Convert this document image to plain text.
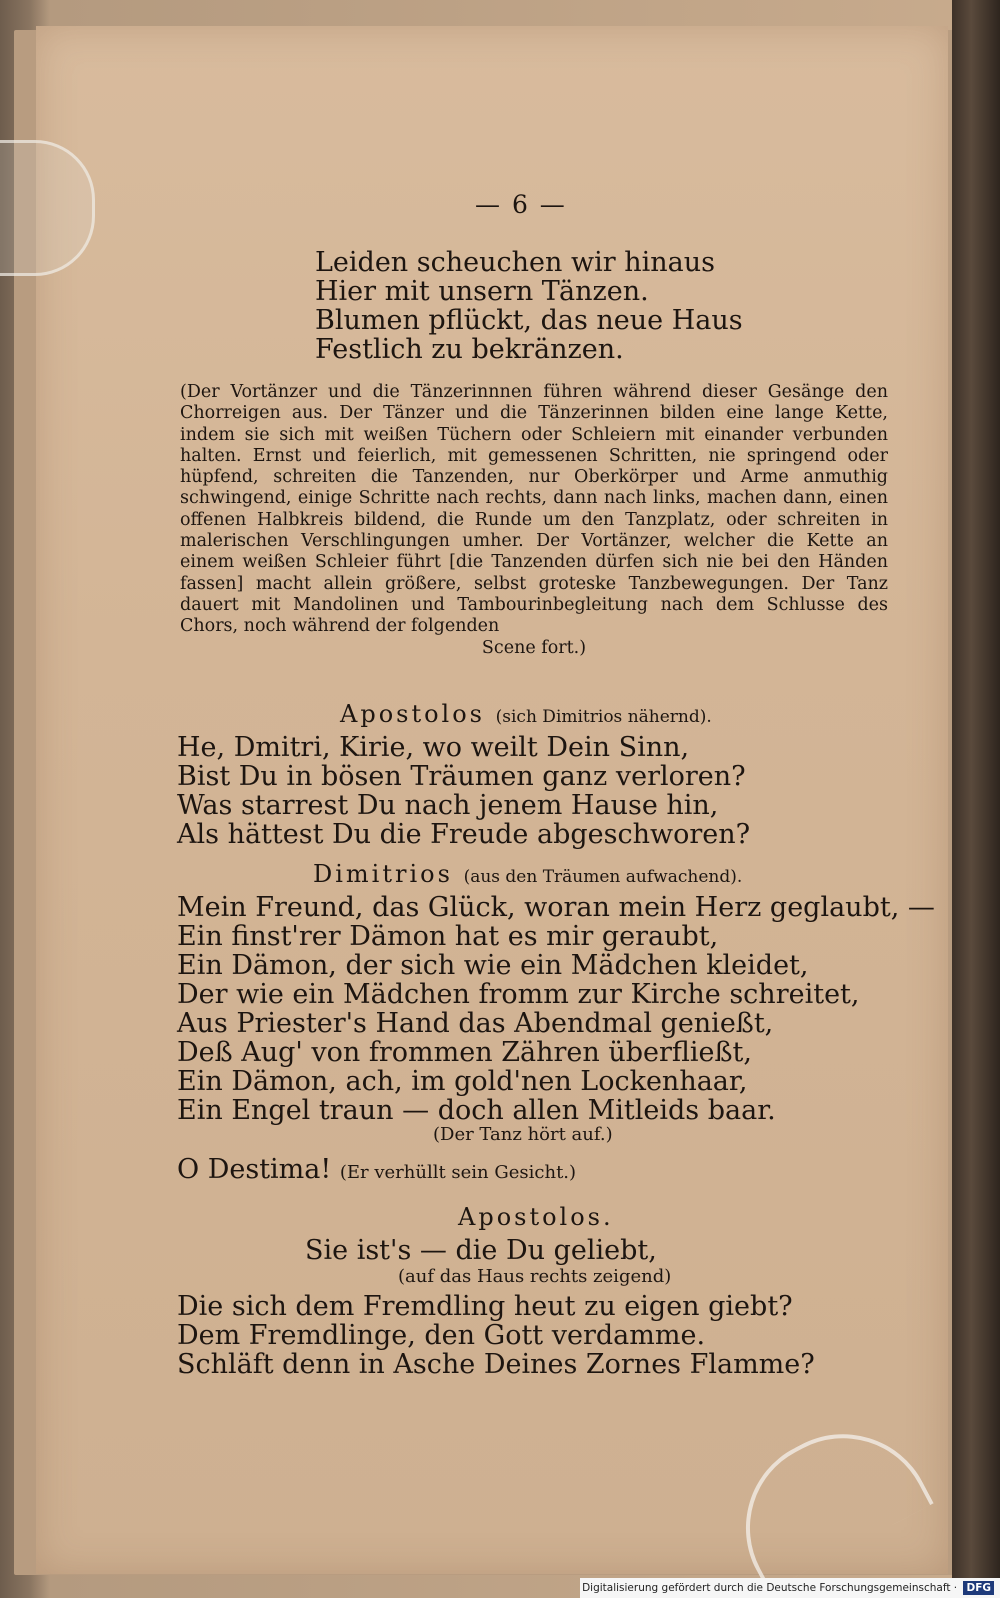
— 6 —
Leiden scheuchen wir hinaus
Hier mit unsern Tänzen.
Blumen pflückt, das neue Haus
Festlich zu bekränzen.
(Der Vortänzer und die Tänzerinnnen führen während dieser Gesänge den Chorreigen aus. Der Tänzer und die Tänzerinnen bilden eine lange Kette, indem sie sich mit weißen Tüchern oder Schleiern mit einander verbunden halten. Ernst und feierlich, mit gemessenen Schritten, nie springend oder hüpfend, schreiten die Tanzenden, nur Oberkörper und Arme anmuthig schwingend, einige Schritte nach rechts, dann nach links, machen dann, einen offenen Halbkreis bildend, die Runde um den Tanzplatz, oder schreiten in malerischen Verschlingungen umher. Der Vortänzer, welcher die Kette an einem weißen Schleier führt [die Tanzenden dürfen sich nie bei den Händen fassen] macht allein größere, selbst groteske Tanzbewegungen. Der Tanz dauert mit Mandolinen und Tambourinbegleitung nach dem Schlusse des Chors, noch während der folgenden
Scene fort.)
Apostolos (sich Dimitrios nähernd).
He, Dmitri, Kirie, wo weilt Dein Sinn,
Bist Du in bösen Träumen ganz verloren?
Was starrest Du nach jenem Hause hin,
Als hättest Du die Freude abgeschworen?
Dimitrios (aus den Träumen aufwachend).
Mein Freund, das Glück, woran mein Herz geglaubt, —
Ein finst'rer Dämon hat es mir geraubt,
Ein Dämon, der sich wie ein Mädchen kleidet,
Der wie ein Mädchen fromm zur Kirche schreitet,
Aus Priester's Hand das Abendmal genießt,
Deß Aug' von frommen Zähren überfließt,
Ein Dämon, ach, im gold'nen Lockenhaar,
Ein Engel traun — doch allen Mitleids baar.
(Der Tanz hört auf.)
O Destima! (Er verhüllt sein Gesicht.)
Apostolos.
Sie ist's — die Du geliebt,
(auf das Haus rechts zeigend)
Die sich dem Fremdling heut zu eigen giebt?
Dem Fremdlinge, den Gott verdamme.
Schläft denn in Asche Deines Zornes Flamme?
Digitalisierung gefördert durch die Deutsche Forschungsgemeinschaft · DFG
